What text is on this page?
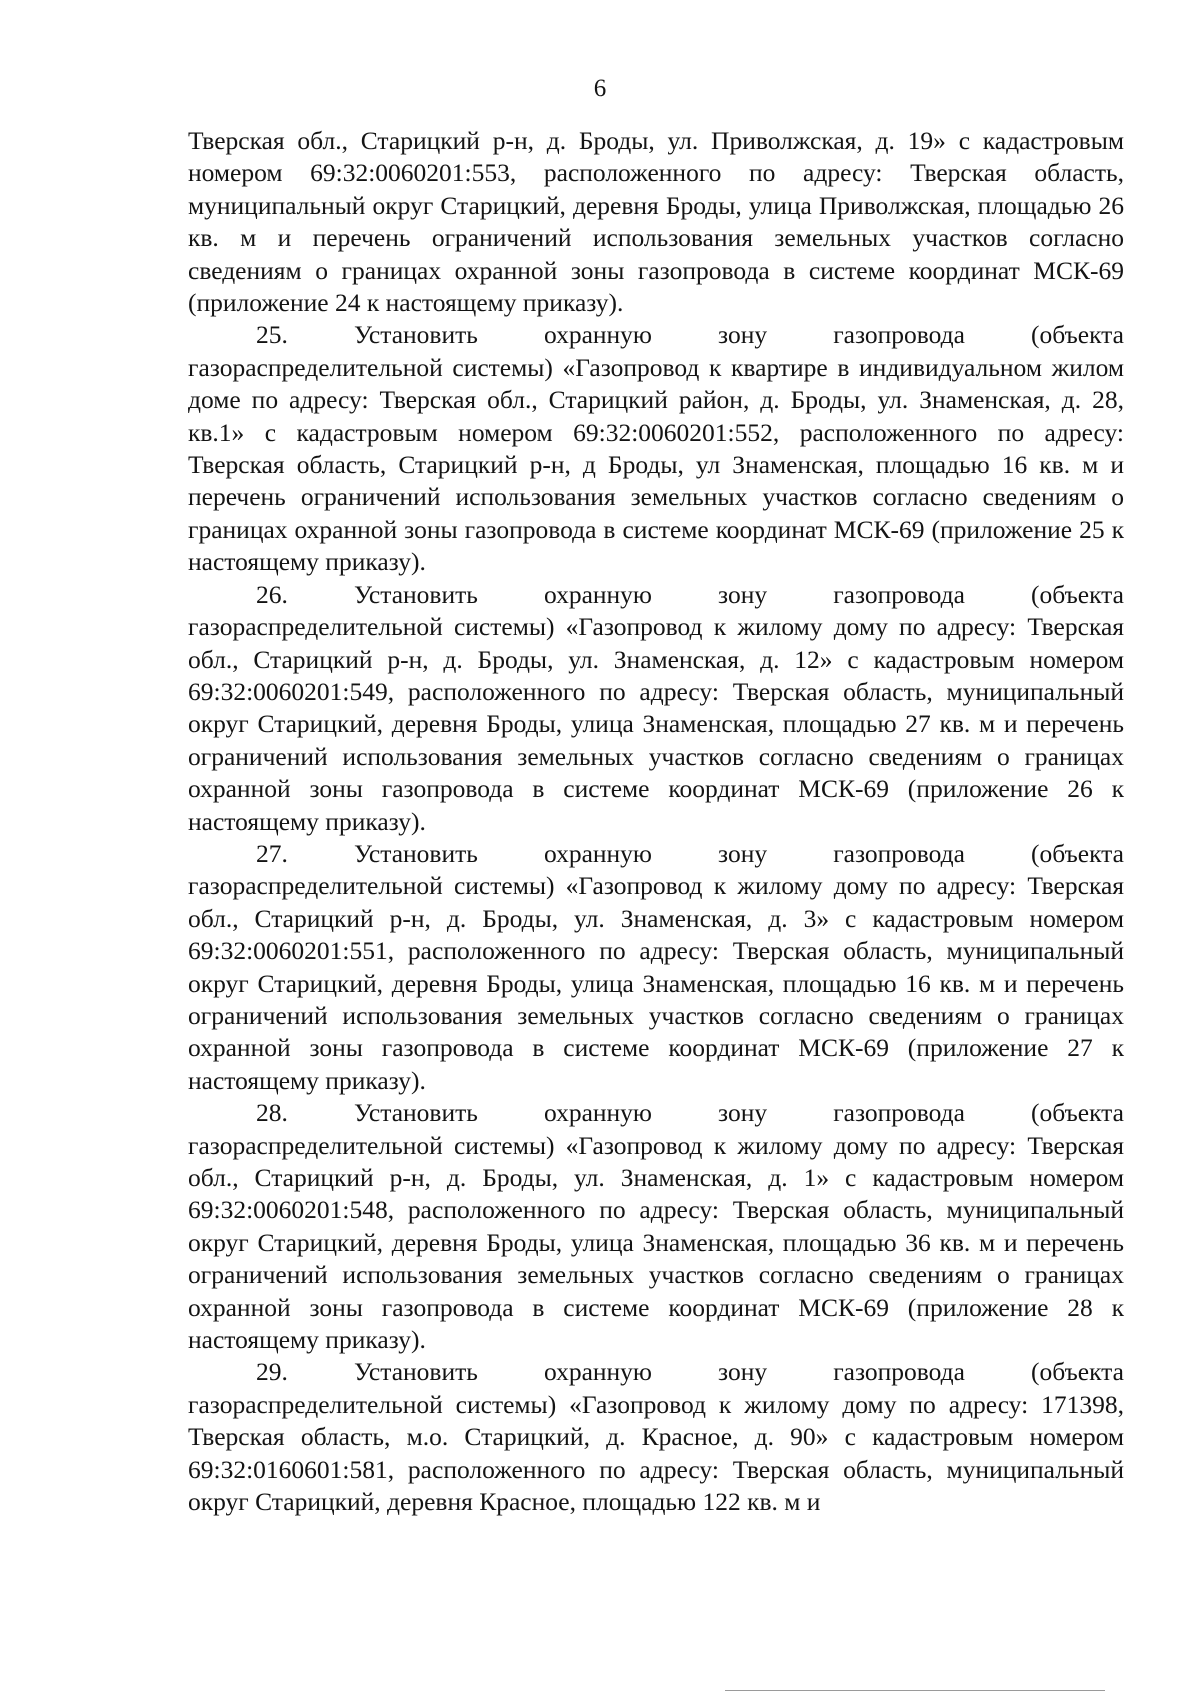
6

Тверская обл., Старицкий р-н, д. Броды, ул. Приволжская, д. 19» с кадастровым номером 69:32:0060201:553, расположенного по адресу: Тверская область, муниципальный округ Старицкий, деревня Броды, улица Приволжская, площадью 26 кв. м и перечень ограничений использования земельных участков согласно сведениям о границах охранной зоны газопровода в системе координат МСК-69 (приложение 24 к настоящему приказу).

25.	Установить	охранную	зону	газопровода	(объекта

газораспределительной системы) «Газопровод к квартире в индивидуальном жилом доме по адресу: Тверская обл., Старицкий район, д. Броды, ул. Знаменская, д. 28, кв.1» с кадастровым номером 69:32:0060201:552, расположенного по адресу: Тверская область, Старицкий р-н, д Броды, ул Знаменская, площадью 16 кв. м и перечень ограничений использования земельных участков согласно сведениям о границах охранной зоны газопровода в системе координат МСК-69 (приложение 25 к настоящему приказу).

26.	Установить	охранную	зону	газопровода	(объекта

газораспределительной системы) «Газопровод к жилому дому по адресу: Тверская обл., Старицкий р-н, д. Броды, ул. Знаменская, д. 12» с кадастровым номером 69:32:0060201:549, расположенного по адресу: Тверская область, муниципальный округ Старицкий, деревня Броды, улица Знаменская, площадью 27 кв. м и перечень ограничений использования земельных участков согласно сведениям о границах охранной зоны газопровода в системе координат МСК-69 (приложение 26 к настоящему приказу).

27.	Установить	охранную	зону	газопровода	(объекта

газораспределительной системы) «Газопровод к жилому дому по адресу: Тверская обл., Старицкий р-н, д. Броды, ул. Знаменская, д. 3» с кадастровым номером 69:32:0060201:551, расположенного по адресу: Тверская область, муниципальный округ Старицкий, деревня Броды, улица Знаменская, площадью 16 кв. м и перечень ограничений использования земельных участков согласно сведениям о границах охранной зоны газопровода в системе координат МСК-69 (приложение 27 к настоящему приказу).

28.	Установить	охранную	зону	газопровода	(объекта

газораспределительной системы) «Газопровод к жилому дому по адресу: Тверская обл., Старицкий р-н, д. Броды, ул. Знаменская, д. 1» с кадастровым номером 69:32:0060201:548, расположенного по адресу: Тверская область, муниципальный округ Старицкий, деревня Броды, улица Знаменская, площадью 36 кв. м и перечень ограничений использования земельных участков согласно сведениям о границах охранной зоны газопровода в системе координат МСК-69 (приложение 28 к настоящему приказу).

29.	Установить	охранную	зону	газопровода	(объекта

газораспределительной системы) «Газопровод к жилому дому по адресу: 171398, Тверская область, м.о. Старицкий, д. Красное, д. 90» с кадастровым номером 69:32:0160601:581, расположенного по адресу: Тверская область, муниципальный округ Старицкий, деревня Красное, площадью 122 кв. м и
